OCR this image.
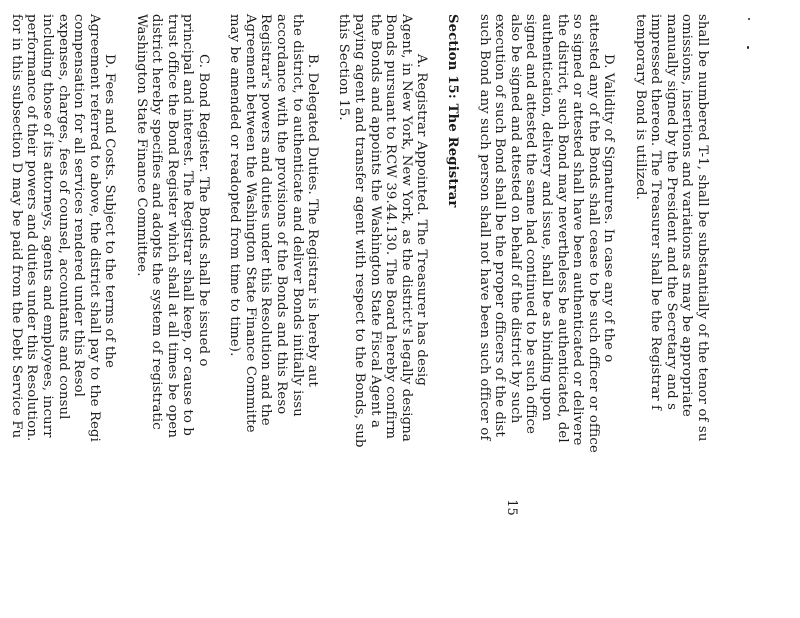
shall be numbered T-1, shall be substantially of the tenor of su
omissions, insertions and variations as may be appropriate
manually signed by the President and the Secretary and s
impressed thereon. The Treasurer shall be the Registrar f
temporary Bond is utilized.
D. Validity of Signatures. In case any of the o
attested any of the Bonds shall cease to be such officer or office
so signed or attested shall have been authenticated or delivere
the district, such Bond may nevertheless be authenticated, del
authentication, delivery and issue, shall be as binding upon
signed and attested the same had continued to be such office
also be signed and attested on behalf of the district by such
execution of such Bond shall be the proper officers of the dist
such Bond any such person shall not have been such officer of
Section 15: The Registrar
A. Registrar Appointed. The Treasurer has desig
Agent, in New York, New York, as the district's legally designa
Bonds pursuant to RCW 39.44.130. The Board hereby confirm
the Bonds and appoints the Washington State Fiscal Agent a
paying agent and transfer agent with respect to the Bonds, sub
this Section 15.
B. Delegated Duties. The Registrar is hereby aut
the district, to authenticate and deliver Bonds initially issu
accordance with the provisions of the Bonds and this Reso
Registrar's powers and duties under this Resolution and the
Agreement between the Washington State Finance Committe
may be amended or readopted from time to time).
C. Bond Register. The Bonds shall be issued o
principal and interest. The Registrar shall keep, or cause to b
trust office the Bond Register which shall at all times be open
district hereby specifies and adopts the system of registratic
Washington State Finance Committee.
D. Fees and Costs. Subject to the terms of the
Agreement referred to above, the district shall pay to the Regi
compensation for all services rendered under this Resol
expenses, charges, fees of counsel, accountants and consul
including those of its attorneys, agents and employees, incurr
performance of their powers and duties under this Resolution.
for in this subsection D may be paid from the Debt Service Fu
15
